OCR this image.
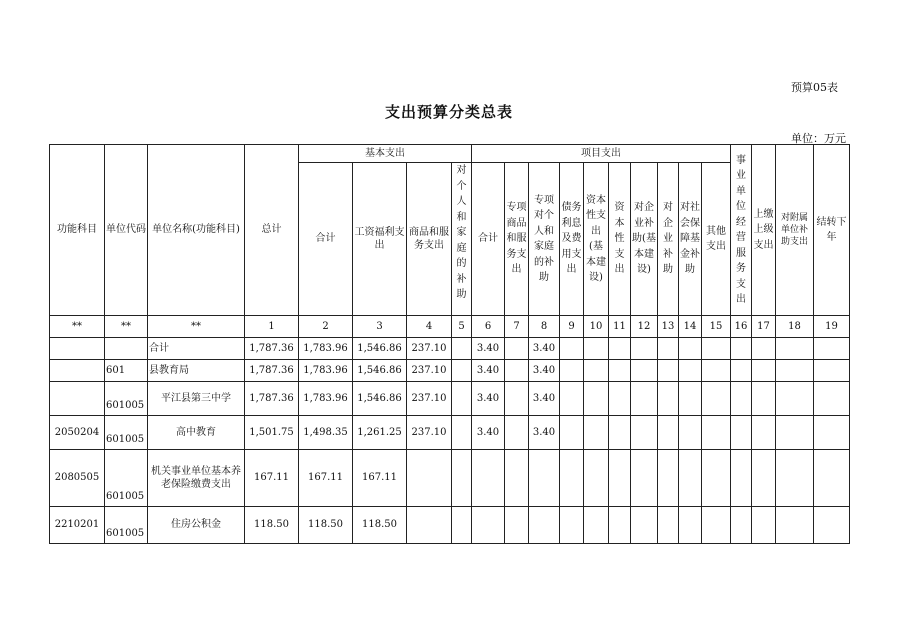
预算05表
支出预算分类总表
单位：万元
功能科目	单位代码	单位名称(功能科目)	总计	基本支出				项目支出										事业单位经营服务支出	上缴上级支出	对附属单位补助支出	结转下年
				合计	工资福利支出	商品和服务支出	对个人和家庭的补助	合计	专项商品和服务支出	专项对个人和家庭的补助	债务利息及费用支出	资本性支出(基本建设)	资本性支出	对企业补助(基本建设)	对企业补助	对社会保障基金补助	其他支出				
**	**	**	1	2	3	4	5	6	7	8	9	10	11	12	13	14	15	16	17	18	19
		合计	1,787.36	1,783.96	1,546.86	237.10		3.40		3.40											
	601	县教育局	1,787.36	1,783.96	1,546.86	237.10		3.40		3.40											
	601005	平江县第三中学	1,787.36	1,783.96	1,546.86	237.10		3.40		3.40											
2050204	601005	高中教育	1,501.75	1,498.35	1,261.25	237.10		3.40		3.40											
2080505	601005	机关事业单位基本养老保险缴费支出	167.11	167.11	167.11																
2210201	601005	住房公积金	118.50	118.50	118.50																
